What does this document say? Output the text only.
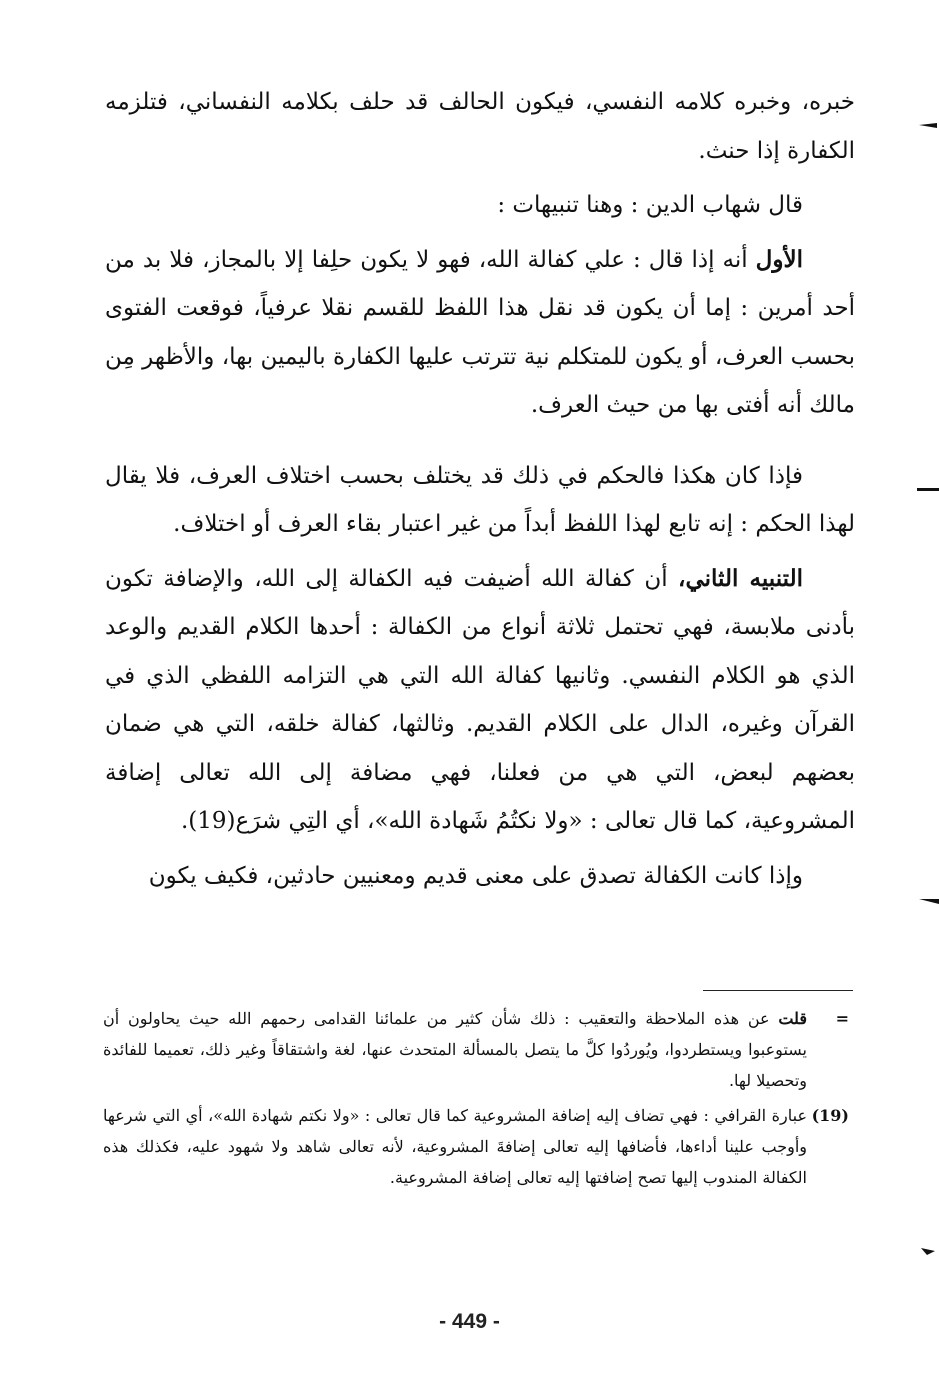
خبره، وخبره كلامه النفسي، فيكون الحالف قد حلف بكلامه النفساني، فتلزمه الكفارة إذا حنث.

قال شهاب الدين : وهنا تنبيهات :

الأول أنه إذا قال : علي كفالة الله، فهو لا يكون حلِفا إلا بالمجاز، فلا بد من أحد أمرين : إما أن يكون قد نقل هذا اللفظ للقسم نقلا عرفياً، فوقعت الفتوى بحسب العرف، أو يكون للمتكلم نية تترتب عليها الكفارة باليمين بها، والأظهر مِن مالك أنه أفتى بها من حيث العرف.

فإذا كان هكذا فالحكم في ذلك قد يختلف بحسب اختلاف العرف، فلا يقال لهذا الحكم : إنه تابع لهذا اللفظ أبداً من غير اعتبار بقاء العرف أو اختلاف.

التنبيه الثاني، أن كفالة الله أضيفت فيه الكفالة إلى الله، والإضافة تكون بأدنى ملابسة، فهي تحتمل ثلاثة أنواع من الكفالة : أحدها الكلام القديم والوعد الذي هو الكلام النفسي. وثانيها كفالة الله التي هي التزامه اللفظي الذي في القرآن وغيره، الدال على الكلام القديم. وثالثها، كفالة خلقه، التي هي ضمان بعضهم لبعض، التي هي من فعلنا، فهي مضافة إلى الله تعالى إضافة المشروعية، كما قال تعالى : «ولا نكتُمُ شَهادة الله»، أي التِي شرَع(19).

وإذا كانت الكفالة تصدق على معنى قديم ومعنيين حادثين، فكيف يكون

=
قلت عن هذه الملاحظة والتعقيب : ذلك شأن كثير من علمائنا القدامى رحمهم الله حيث يحاولون أن يستوعبوا ويستطردوا، ويُوردُوا كلَّ ما يتصل بالمسألة المتحدث عنها، لغة واشتقاقاً وغير ذلك، تعميما للفائدة وتحصيلا لها.
(19)
عبارة القرافي : فهي تضاف إليه إضافة المشروعية كما قال تعالى : «ولا نكتم شهادة الله»، أي التي شرعها وأوجب علينا أداءها، فأضافها إليه تعالى إضافةَ المشروعية، لأنه تعالى شاهد ولا شهود عليه، فكذلك هذه الكفالة المندوب إليها تصح إضافتها إليه تعالى إضافة المشروعية.
- 449 -
